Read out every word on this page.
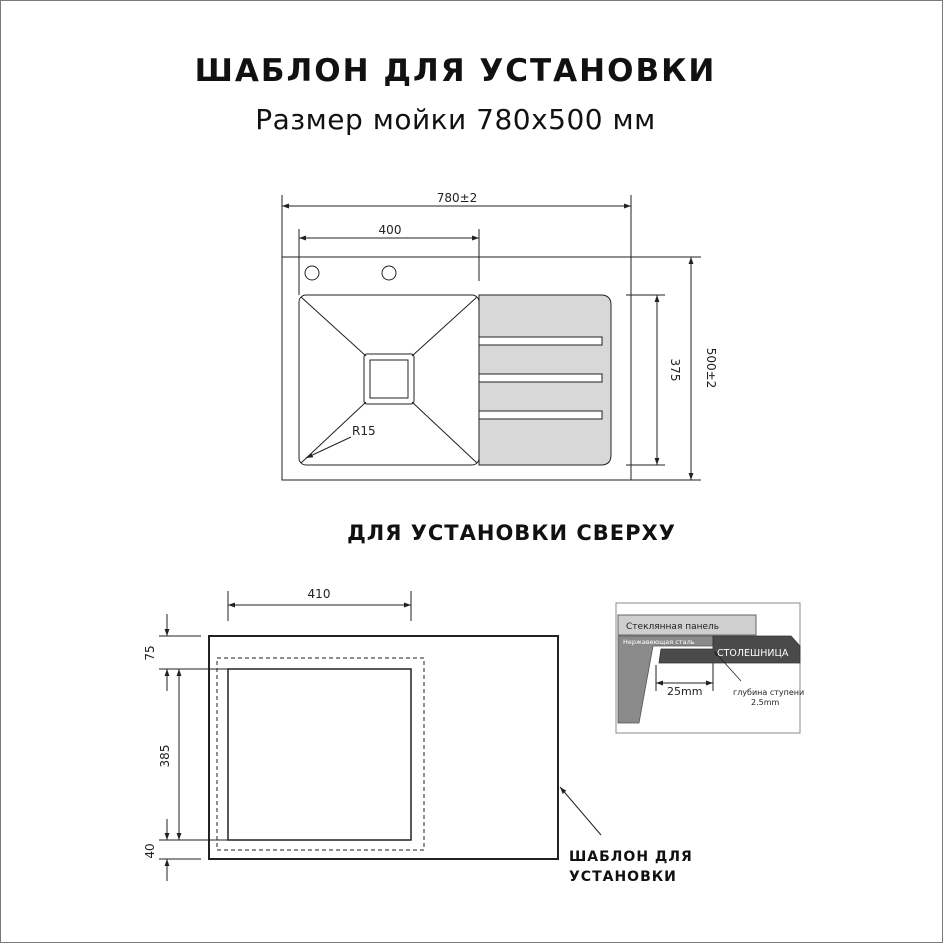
ШАБЛОН ДЛЯ УСТАНОВКИ
Размер мойки 780x500 мм
780±2
400
500±2
375
R15
410
75
385
40
Стеклянная панель
Нержавеющая сталь
СТОЛЕШНИЦА
25mm	глубина ступени
2.5mm
ДЛЯ УСТАНОВКИ СВЕРХУ
ШАБЛОН ДЛЯ
УСТАНОВКИ
